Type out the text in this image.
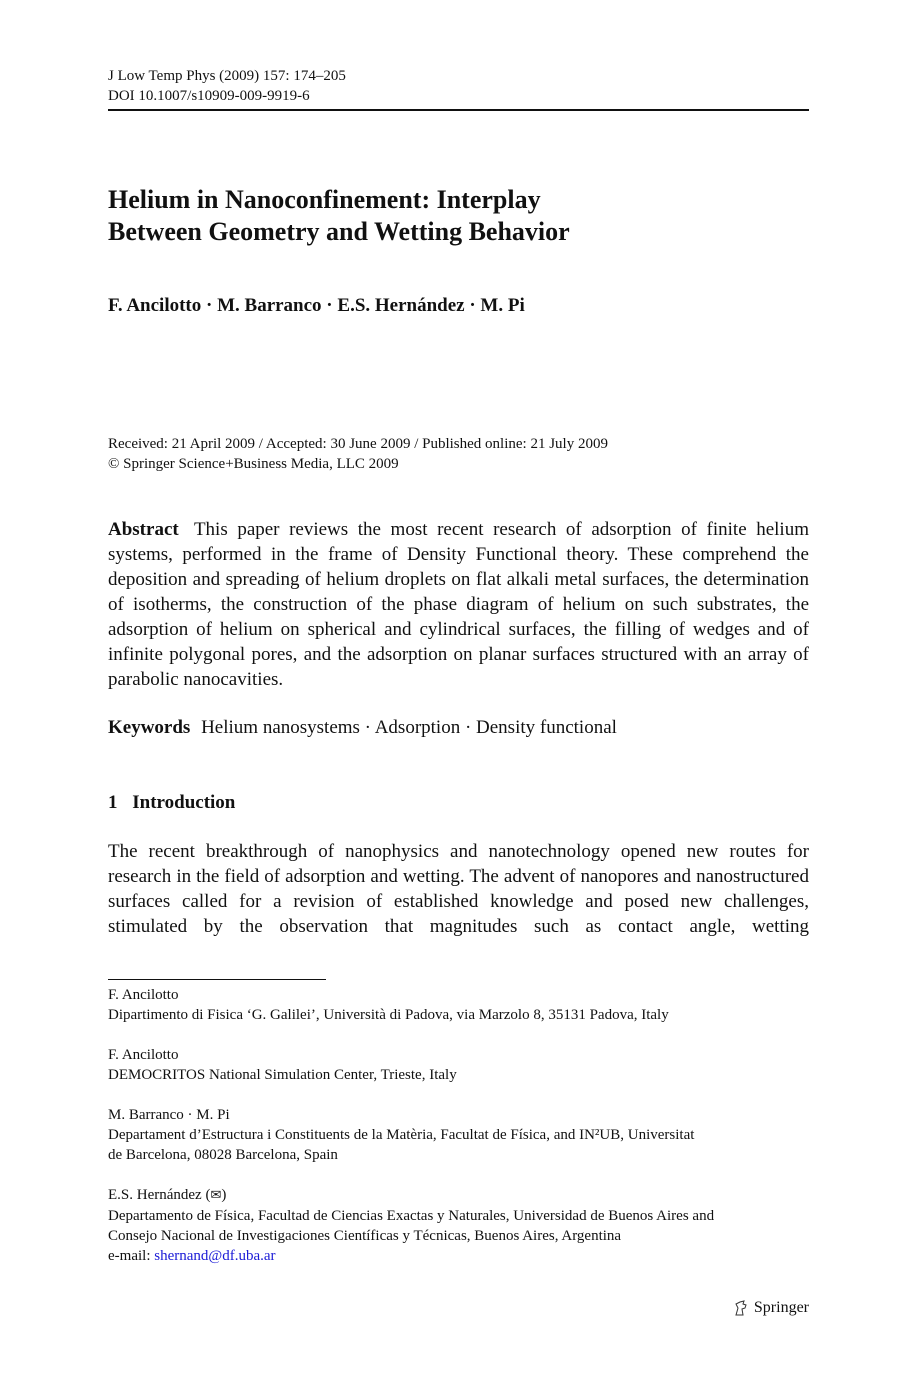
J Low Temp Phys (2009) 157: 174–205
DOI 10.1007/s10909-009-9919-6
Helium in Nanoconfinement: Interplay
Between Geometry and Wetting Behavior
F. Ancilotto · M. Barranco · E.S. Hernández · M. Pi
Received: 21 April 2009 / Accepted: 30 June 2009 / Published online: 21 July 2009
© Springer Science+Business Media, LLC 2009
Abstract This paper reviews the most recent research of adsorption of finite helium systems, performed in the frame of Density Functional theory. These comprehend the deposition and spreading of helium droplets on flat alkali metal surfaces, the determination of isotherms, the construction of the phase diagram of helium on such substrates, the adsorption of helium on spherical and cylindrical surfaces, the filling of wedges and of infinite polygonal pores, and the adsorption on planar surfaces structured with an array of parabolic nanocavities.
Keywords Helium nanosystems · Adsorption · Density functional
1 Introduction
The recent breakthrough of nanophysics and nanotechnology opened new routes for research in the field of adsorption and wetting. The advent of nanopores and nanostructured surfaces called for a revision of established knowledge and posed new challenges, stimulated by the observation that magnitudes such as contact angle, wetting

F. Ancilotto

Dipartimento di Fisica ‘G. Galilei’, Università di Padova, via Marzolo 8, 35131 Padova, Italy

F. Ancilotto

DEMOCRITOS National Simulation Center, Trieste, Italy

M. Barranco · M. Pi

Departament d’Estructura i Constituents de la Matèria, Facultat de Física, and IN²UB, Universitat

de Barcelona, 08028 Barcelona, Spain

E.S. Hernández (✉)

Departamento de Física, Facultad de Ciencias Exactas y Naturales, Universidad de Buenos Aires and

Consejo Nacional de Investigaciones Científicas y Técnicas, Buenos Aires, Argentina

e-mail: shernand@df.uba.ar

Springer
